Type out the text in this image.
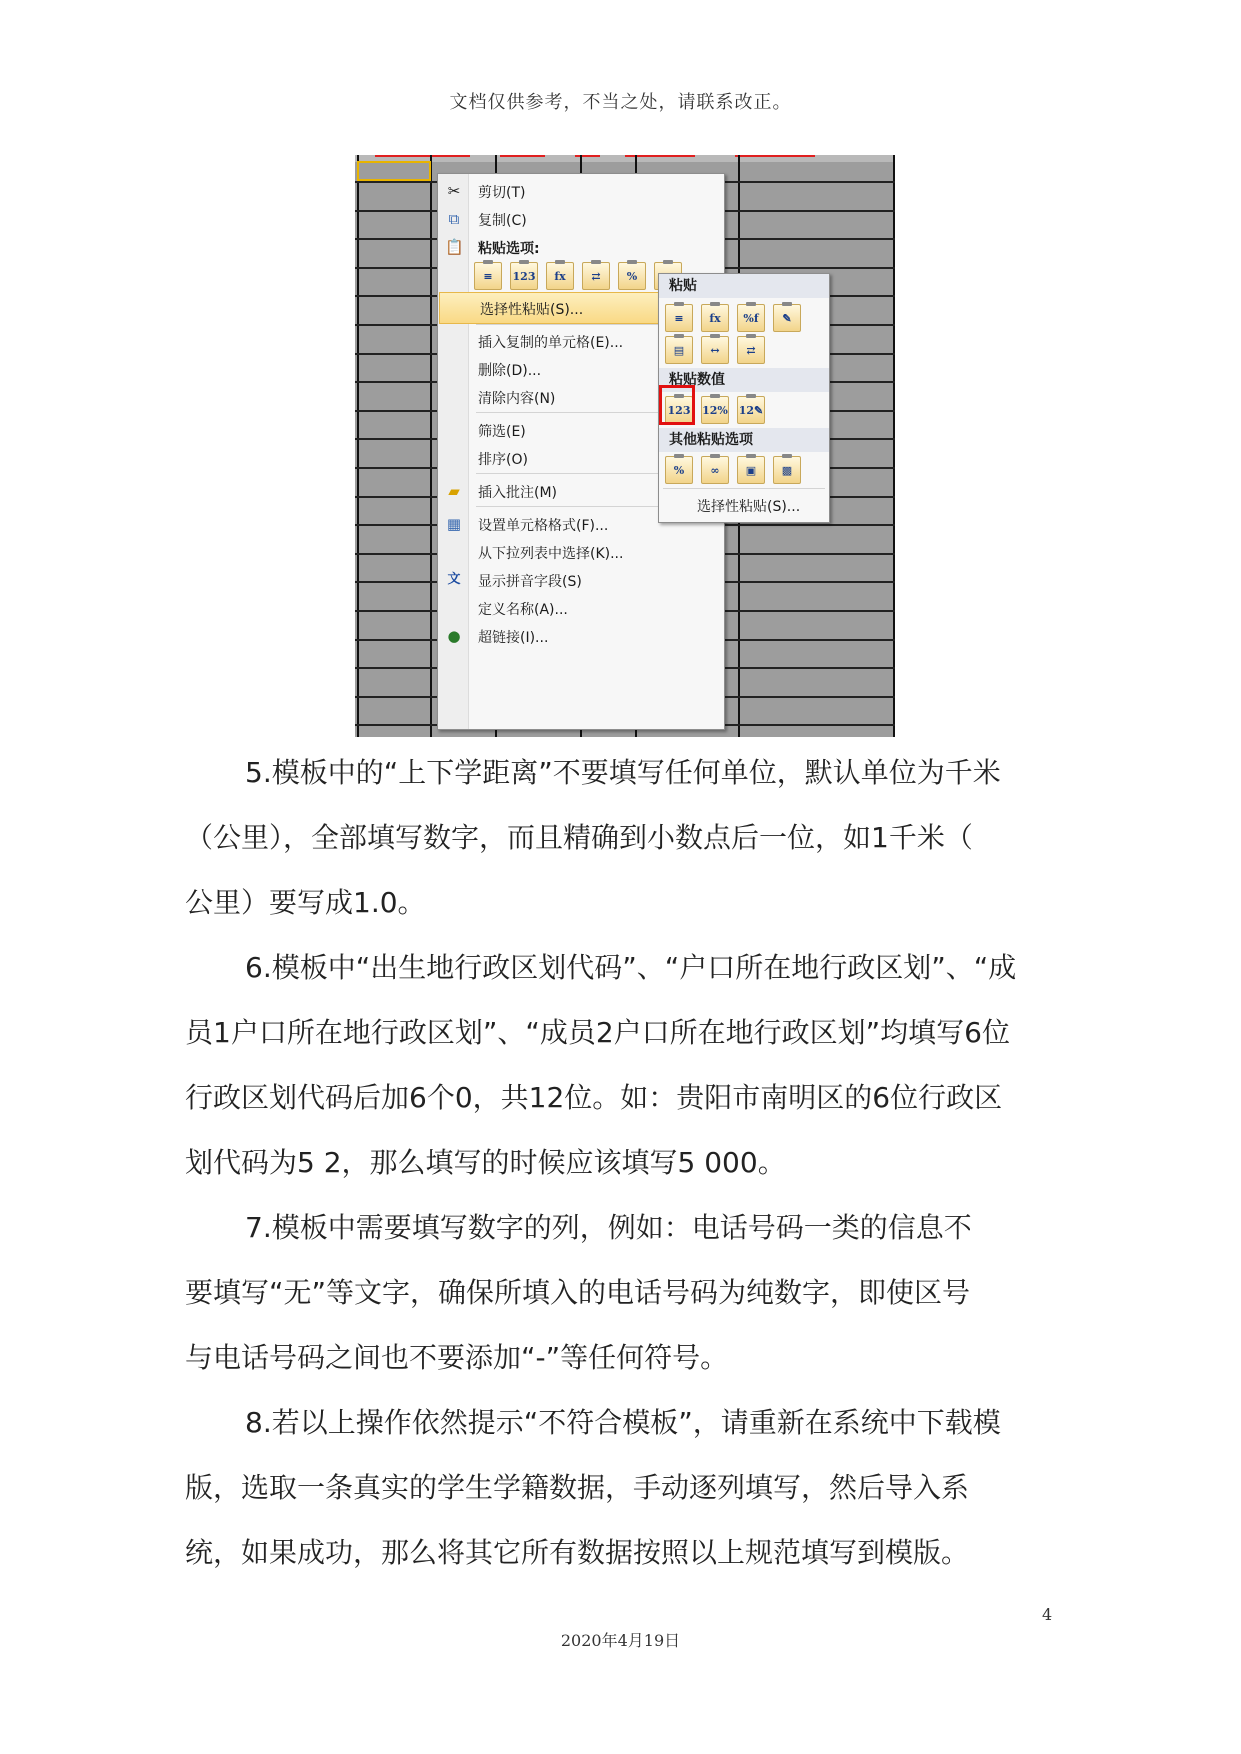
文档仅供参考，不当之处，请联系改正。
✂ 剪切(T)
⧉ 复制(C)
📋 粘贴选项:
≡	123	fx	⇄	%
选择性粘贴(S)...
插入复制的单元格(E)...
删除(D)...
清除内容(N)
筛选(E)
排序(O)
▰ 插入批注(M)
▦ 设置单元格格式(F)...
从下拉列表中选择(K)...
文 显示拼音字段(S)
定义名称(A)...
● 超链接(I)...
粘贴
≡	fx	%f	✎
▤	↔	⇄
粘贴数值
123 12% 12✎
其他粘贴选项
%	∞	▣	▩
选择性粘贴(S)...
5.模板中的“上下学距离”不要填写任何单位，默认单位为千米
（公里），全部填写数字，而且精确到小数点后一位，如1千米（
公里）要写成1.0。
6.模板中“出生地行政区划代码”、“户口所在地行政区划”、“成
员1户口所在地行政区划”、“成员2户口所在地行政区划”均填写6位
行政区划代码后加6个0，共12位。如：贵阳市南明区的6位行政区
划代码为5 2，那么填写的时候应该填写5 000。
7.模板中需要填写数字的列，例如：电话号码一类的信息不
要填写“无”等文字，确保所填入的电话号码为纯数字，即使区号
与电话号码之间也不要添加“-”等任何符号。
8.若以上操作依然提示“不符合模板”，请重新在系统中下载模
版，选取一条真实的学生学籍数据，手动逐列填写，然后导入系
统，如果成功，那么将其它所有数据按照以上规范填写到模版。
4
2020年4月19日
